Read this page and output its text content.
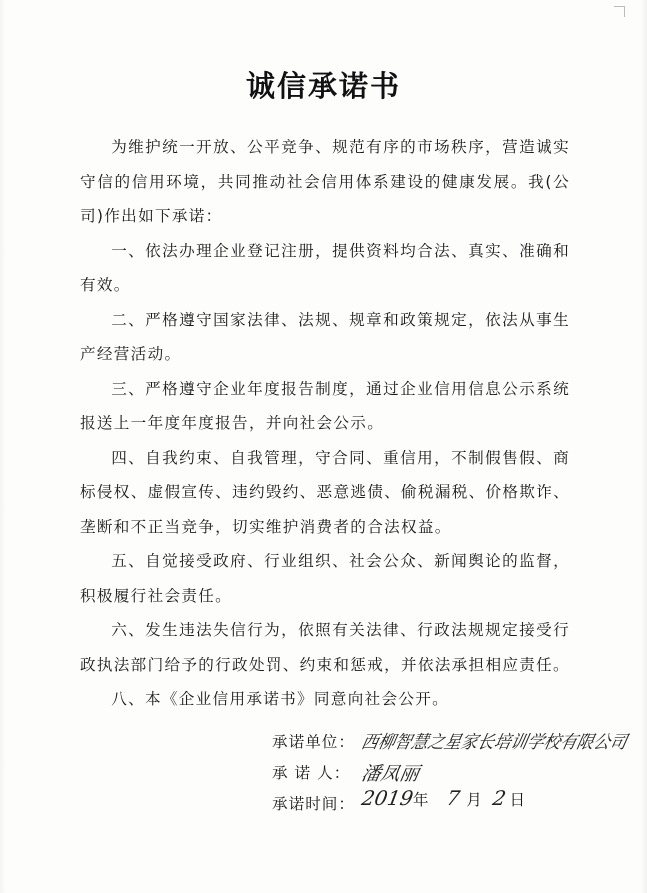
诚信承诺书

为维护统一开放、公平竞争、规范有序的市场秩序，营造诚实守信的信用环境，共同推动社会信用体系建设的健康发展。我(公司)作出如下承诺：

一、依法办理企业登记注册，提供资料均合法、真实、准确和有效。

二、严格遵守国家法律、法规、规章和政策规定，依法从事生产经营活动。

三、严格遵守企业年度报告制度，通过企业信用信息公示系统报送上一年度年度报告，并向社会公示。

四、自我约束、自我管理，守合同、重信用，不制假售假、商标侵权、虚假宣传、违约毁约、恶意逃债、偷税漏税、价格欺诈、垄断和不正当竞争，切实维护消费者的合法权益。

五、自觉接受政府、行业组织、社会公众、新闻舆论的监督，积极履行社会责任。

六、发生违法失信行为，依照有关法律、行政法规规定接受行政执法部门给予的行政处罚、约束和惩戒，并依法承担相应责任。

八、本《企业信用承诺书》同意向社会公开。

承诺单位： 西柳智慧之星家长培训学校有限公司
承 诺 人： 潘凤丽
承诺时间： 2019年 7 月 2 日
